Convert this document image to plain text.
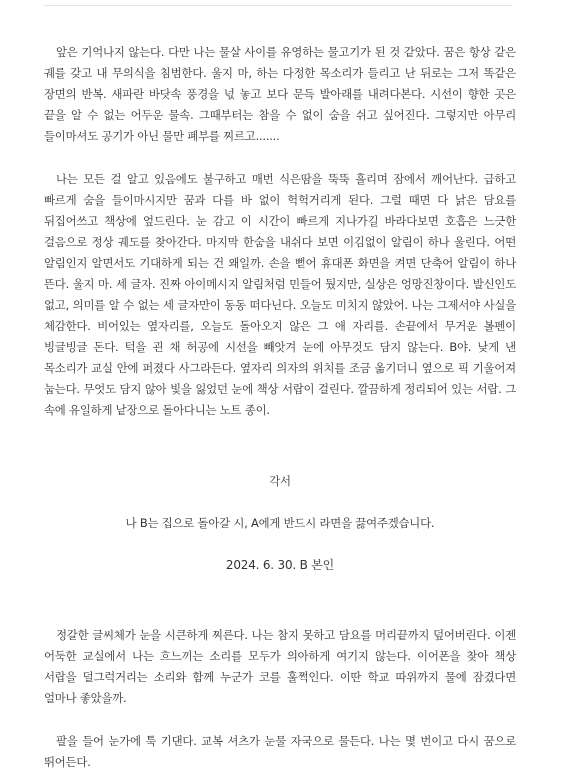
앞은 기억나지 않는다. 다만 나는 물살 사이를 유영하는 물고기가 된 것 같았다. 꿈은 항상 같은 궤를 갖고 내 무의식을 침범한다. 울지 마, 하는 다정한 목소리가 들리고 난 뒤로는 그저 똑같은 장면의 반복. 새파란 바닷속 풍경을 넋 놓고 보다 문득 발아래를 내려다본다. 시선이 향한 곳은 끝을 알 수 없는 어두운 물속. 그때부터는 참을 수 없이 숨을 쉬고 싶어진다. 그렇지만 아무리 들이마셔도 공기가 아닌 물만 폐부를 찌르고.......

나는 모든 걸 알고 있음에도 불구하고 매번 식은땀을 뚝뚝 흘리며 잠에서 깨어난다. 급하고 빠르게 숨을 들이마시지만 꿈과 다를 바 없이 헉헉거리게 된다. 그럴 때면 다 낡은 담요를 뒤집어쓰고 책상에 엎드린다. 눈 감고 이 시간이 빠르게 지나가길 바라다보면 호흡은 느긋한 걸음으로 정상 궤도를 찾아간다. 마지막 한숨을 내쉬다 보면 이김없이 알림이 하나 울린다. 어떤 알림인지 알면서도 기대하게 되는 건 왜일까. 손을 뻗어 휴대폰 화면을 켜면 단축어 알림이 하나 뜬다. 울지 마. 세 글자. 진짜 아이메시지 알림처럼 민들어 뒀지만, 실상은 엉망진창이다. 발신인도 없고, 의미를 알 수 없는 세 글자만이 동동 떠다닌다. 오늘도 미치지 않았어. 나는 그제서야 사실을 체감한다. 비어있는 옆자리를, 오늘도 돌아오지 않은 그 애 자리를. 손끝에서 무거운 볼펜이 빙글빙글 돈다. 턱을 괸 채 허공에 시선을 빼앗겨 눈에 아무것도 담지 않는다. B야. 낮게 낸 목소리가 교실 안에 퍼졌다 사그라든다. 옆자리 의자의 위치를 조금 옮기더니 옆으로 픽 기울어져 눕는다. 무엇도 담지 않아 빛을 잃었던 눈에 책상 서랍이 걸린다. 깔끔하게 정리되어 있는 서랍. 그 속에 유일하게 낱장으로 돌아다니는 노트 종이.

각서

나 B는 집으로 돌아갈 시, A에게 반드시 라면을 끓여주겠습니다.

2024. 6. 30. B 본인

정갈한 글씨체가 눈을 시큰하게 찌른다. 나는 참지 못하고 담요를 머리끝까지 덮어버린다. 이젠 어둑한 교실에서 나는 흐느끼는 소리를 모두가 의아하게 여기지 않는다. 이어폰을 찾아 책상 서랍을 덜그럭거리는 소리와 함께 누군가 코를 훌쩍인다. 이딴 학교 따위까지 물에 잠겼다면 얼마나 좋았을까.

팔을 들어 눈가에 툭 기댄다. 교복 셔츠가 눈물 자국으로 물든다. 나는 몇 번이고 다시 꿈으로 뛰어든다.
